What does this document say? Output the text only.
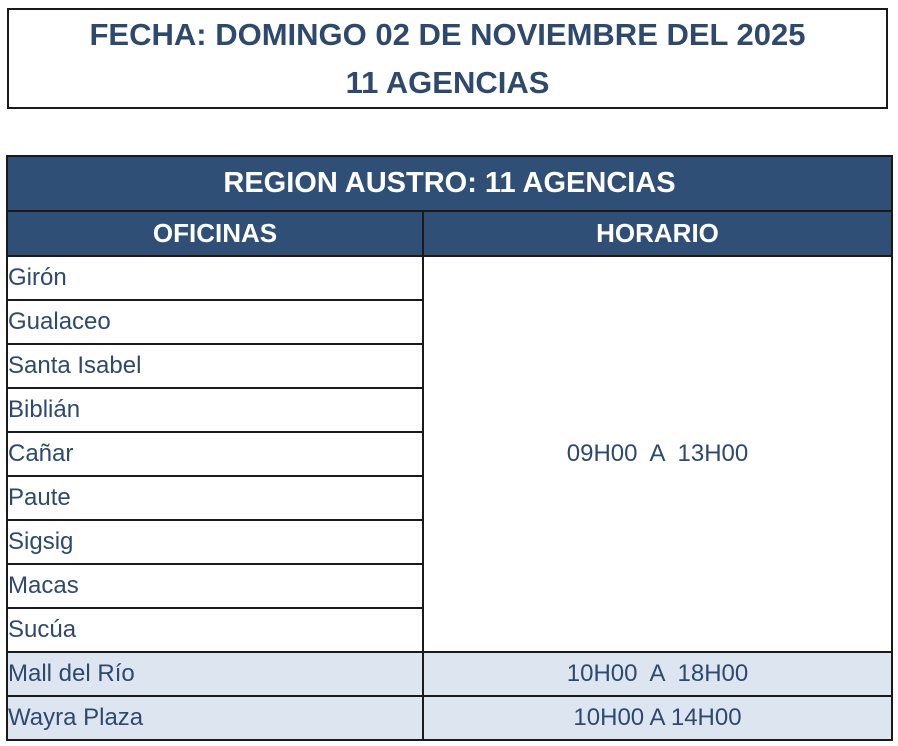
FECHA: DOMINGO 02 DE NOVIEMBRE DEL 2025
11 AGENCIAS
REGION AUSTRO: 11 AGENCIAS	
OFICINAS	HORARIO
Girón	09H00  A  13H00
Gualaceo	
Santa Isabel	
Biblián	
Cañar	
Paute	
Sigsig	
Macas	
Sucúa	
Mall del Río	10H00  A  18H00
Wayra Plaza	10H00 A 14H00
